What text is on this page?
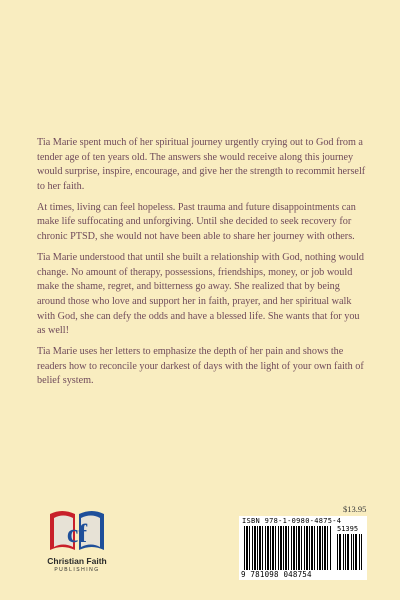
Tia Marie spent much of her spiritual journey urgently crying out to God from a tender age of ten years old. The answers she would receive along this journey would surprise, inspire, encourage, and give her the strength to recommit herself to her faith.

At times, living can feel hopeless. Past trauma and future disappointments can make life suffocating and unforgiving. Until she decided to seek recovery for chronic PTSD, she would not have been able to share her journey with others.

Tia Marie understood that until she built a relationship with God, nothing would change. No amount of therapy, possessions, friendships, money, or job would make the shame, regret, and bitterness go away. She realized that by being around those who love and support her in faith, prayer, and her spiritual walk with God, she can defy the odds and have a blessed life. She wants that for you as well!

Tia Marie uses her letters to emphasize the depth of her pain and shows the readers how to reconcile your darkest of days with the light of your own faith of belief system.

$13.95
ISBN 978-1-0980-4875-4
51395
9 781098 048754
cf
Christian Faith
PUBLISHING
